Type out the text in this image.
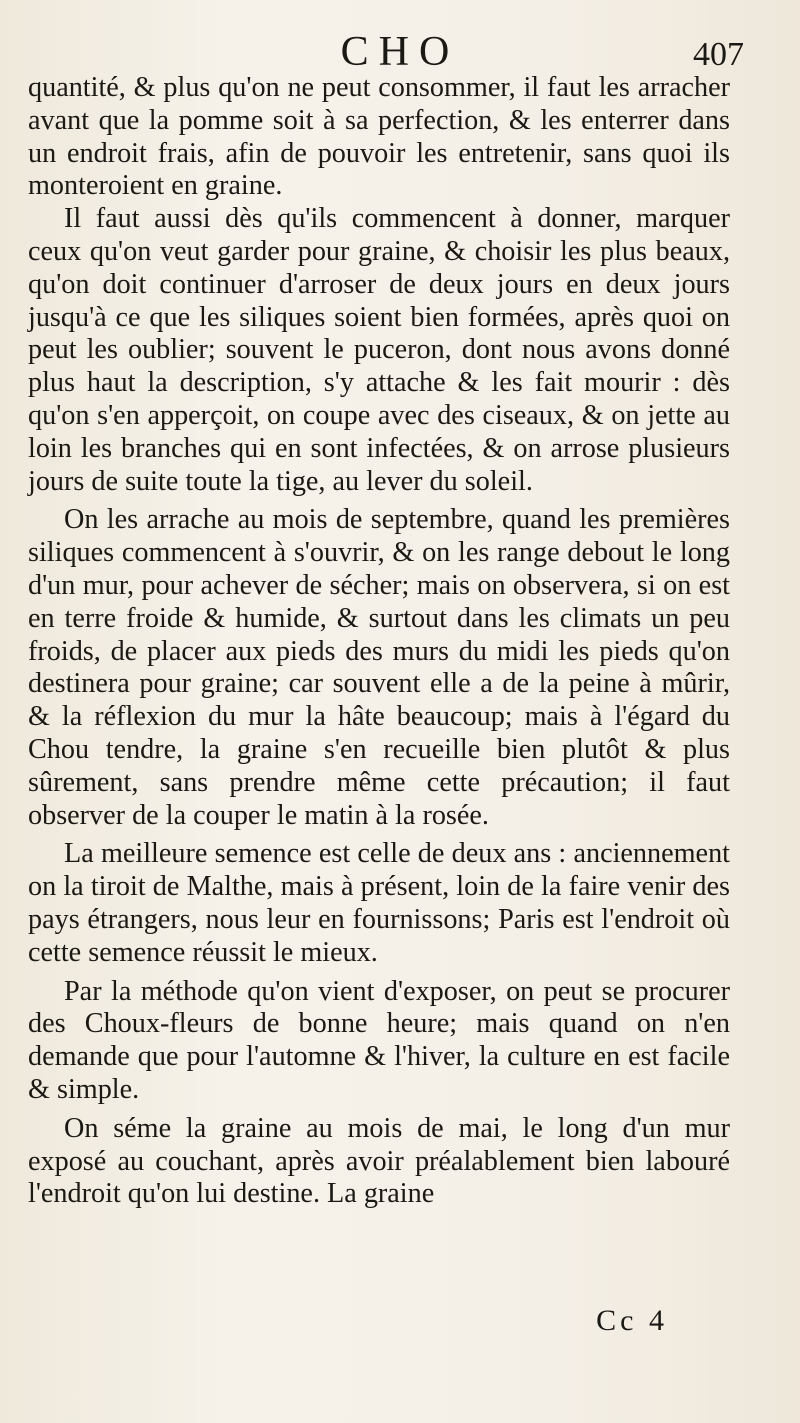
CHO	407

quantité, & plus qu'on ne peut consommer, il faut les arracher avant que la pomme soit à sa perfection, & les enterrer dans un endroit frais, afin de pouvoir les entretenir, sans quoi ils monteroient en graine.

Il faut aussi dès qu'ils commencent à donner, marquer ceux qu'on veut garder pour graine, & choisir les plus beaux, qu'on doit continuer d'arroser de deux jours en deux jours jusqu'à ce que les siliques soient bien formées, après quoi on peut les oublier; souvent le puceron, dont nous avons donné plus haut la description, s'y attache & les fait mourir : dès qu'on s'en apperçoit, on coupe avec des ciseaux, & on jette au loin les branches qui en sont infectées, & on arrose plusieurs jours de suite toute la tige, au lever du soleil.

On les arrache au mois de septembre, quand les premières siliques commencent à s'ouvrir, & on les range debout le long d'un mur, pour achever de sécher; mais on observera, si on est en terre froide & humide, & surtout dans les climats un peu froids, de placer aux pieds des murs du midi les pieds qu'on destinera pour graine; car souvent elle a de la peine à mûrir, & la réflexion du mur la hâte beaucoup; mais à l'égard du Chou tendre, la graine s'en recueille bien plutôt & plus sûrement, sans prendre même cette précaution; il faut observer de la couper le matin à la rosée.

La meilleure semence est celle de deux ans : anciennement on la tiroit de Malthe, mais à présent, loin de la faire venir des pays étrangers, nous leur en fournissons; Paris est l'endroit où cette semence réussit le mieux.

Par la méthode qu'on vient d'exposer, on peut se procurer des Choux-fleurs de bonne heure; mais quand on n'en demande que pour l'automne & l'hiver, la culture en est facile & simple.

On séme la graine au mois de mai, le long d'un mur exposé au couchant, après avoir préalablement bien labouré l'endroit qu'on lui destine. La graine

Cc 4
